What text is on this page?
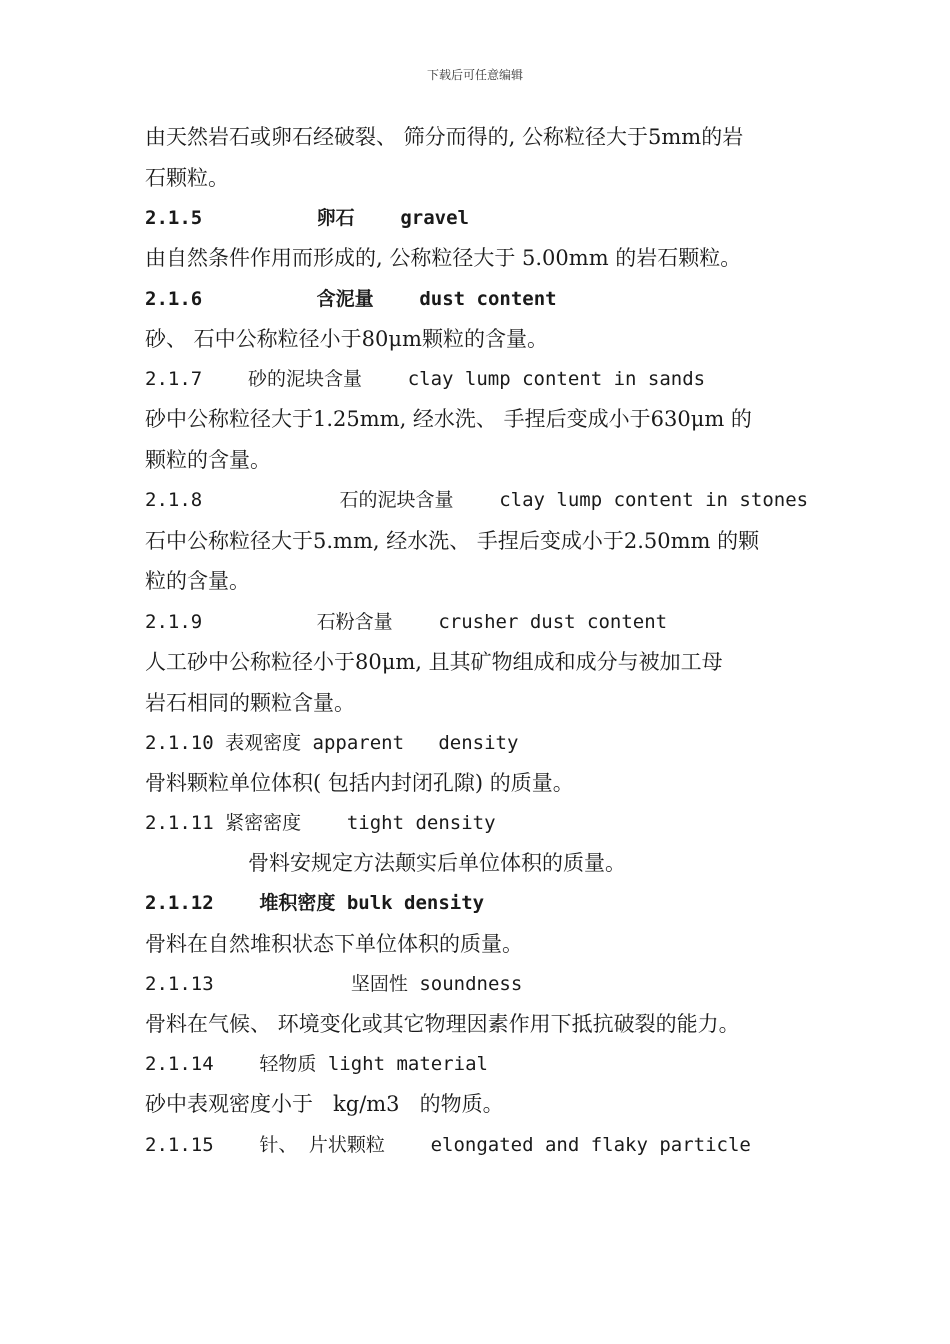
下载后可任意编辑
由天然岩石或卵石经破裂、 筛分而得的, 公称粒径大于5mm的岩
石颗粒。
2.1.5          卵石    gravel
由自然条件作用而形成的, 公称粒径大于 5.00mm 的岩石颗粒。
2.1.6          含泥量    dust content
砂、 石中公称粒径小于80μm颗粒的含量。
2.1.7    砂的泥块含量    clay lump content in sands
砂中公称粒径大于1.25mm, 经水洗、 手捏后变成小于630μm 的
颗粒的含量。
2.1.8            石的泥块含量    clay lump content in stones
石中公称粒径大于5.mm, 经水洗、 手捏后变成小于2.50mm 的颗
粒的含量。
2.1.9          石粉含量    crusher dust content
人工砂中公称粒径小于80μm, 且其矿物组成和成分与被加工母
岩石相同的颗粒含量。
2.1.10 表观密度 apparent   density
骨料颗粒单位体积( 包括内封闭孔隙) 的质量。
2.1.11 紧密密度    tight density
骨料安规定方法颠实后单位体积的质量。
2.1.12    堆积密度 bulk density
骨料在自然堆积状态下单位体积的质量。
2.1.13            坚固性 soundness
骨料在气候、 环境变化或其它物理因素作用下抵抗破裂的能力。
2.1.14    轻物质 light material
砂中表观密度小于   kg/m3   的物质。
2.1.15    针、 片状颗粒    elongated and flaky particle
